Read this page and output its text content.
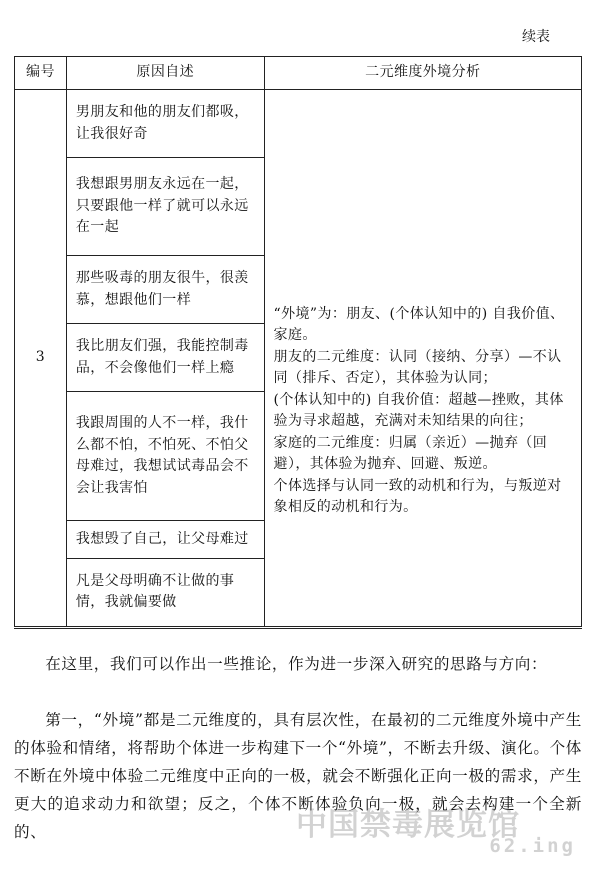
续表
编号	原因自述	二元维度外境分析
3	男朋友和他的朋友们都吸，让我很好奇	“外境”为：朋友、(个体认知中的) 自我价值、家庭。
朋友的二元维度：认同（接纳、分享）—不认同（排斥、否定），其体验为认同；
(个体认知中的) 自我价值：超越—挫败，其体验为寻求超越，充满对未知结果的向往；
家庭的二元维度：归属（亲近）—抛弃（回避），其体验为抛弃、回避、叛逆。
个体选择与认同一致的动机和行为，与叛逆对象相反的动机和行为。

	我想跟男朋友永远在一起，只要跟他一样了就可以永远在一起	
	那些吸毒的朋友很牛，很羡慕，想跟他们一样	
	我比朋友们强，我能控制毒品，不会像他们一样上瘾	
	我跟周围的人不一样，我什么都不怕，不怕死、不怕父母难过，我想试试毒品会不会让我害怕	
	我想毁了自己，让父母难过	
	凡是父母明确不让做的事情，我就偏要做	

在这里，我们可以作出一些推论，作为进一步深入研究的思路与方向：

第一，“外境”都是二元维度的，具有层次性，在最初的二元维度外境中产生的体验和情绪，将帮助个体进一步构建下一个“外境”，不断去升级、演化。个体不断在外境中体验二元维度中正向的一极，就会不断强化正向一极的需求，产生更大的追求动力和欲望；反之，个体不断体验负向一极，就会去构建一个全新的、	中国禁毒展览馆
62.ing
